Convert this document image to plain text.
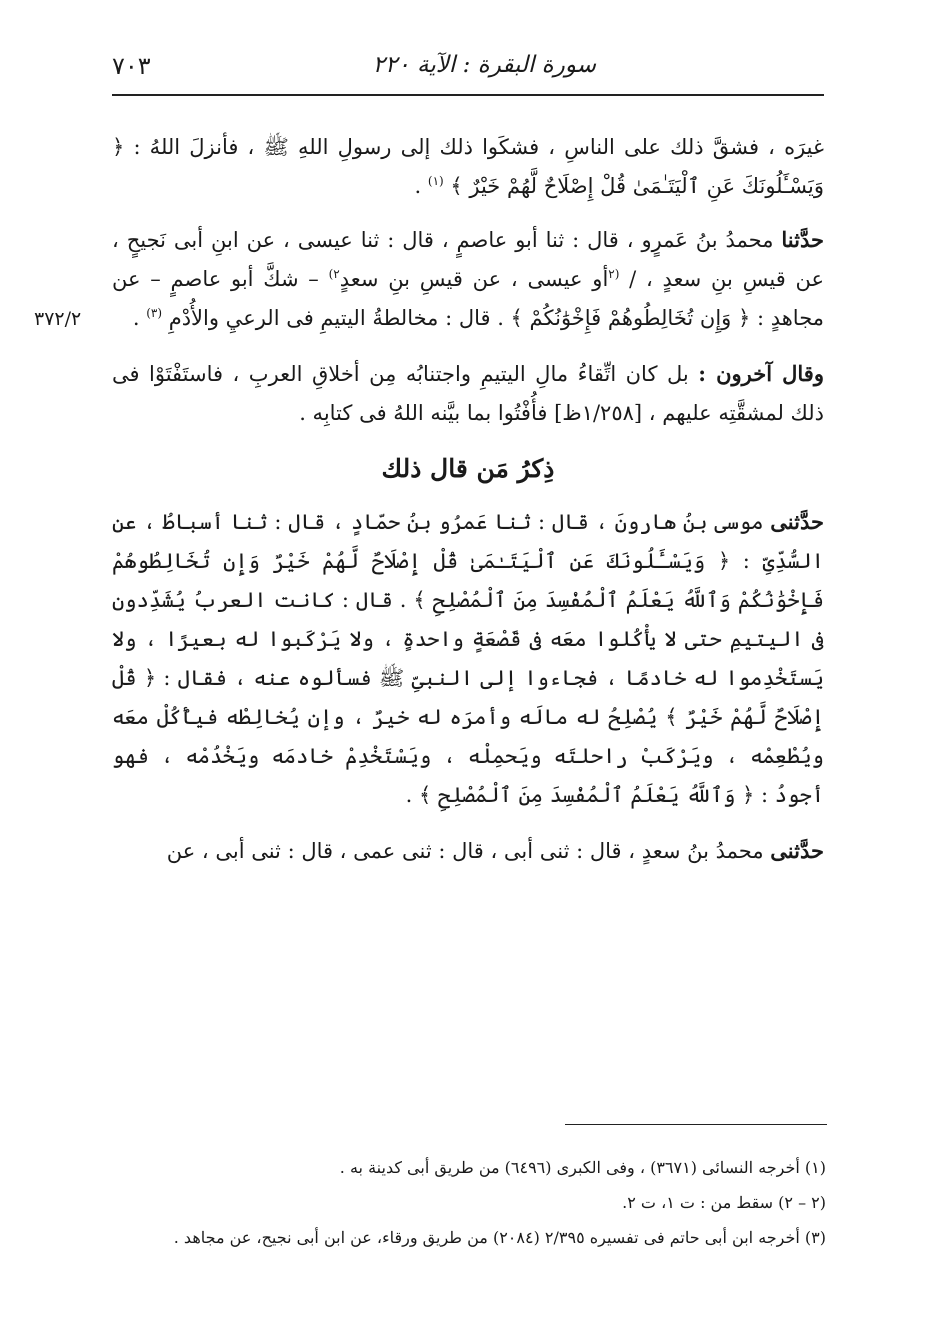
سورة البقرة : الآية ٢٢٠
٧٠٣
٣٧٢/٢

غيرَه ، فشقَّ ذلك على الناسِ ، فشكَوا ذلك إلى رسولِ اللهِ ﷺ ، فأنزلَ اللهُ : ﴿ وَيَسْـَٔلُونَكَ عَنِ ٱلْيَتَـٰمَىٰ قُلْ إِصْلَاحٌ لَّهُمْ خَيْرٌ ﴾ $^{(١)}$ .

حدَّثنا محمدُ بنُ عَمرٍو ، قال : ثنا أبو عاصمٍ ، قال : ثنا عيسى ، عن ابنِ أبى نَجيحٍ ، عن قيسِ بنِ سعدٍ ، / $^{(٢}$أو عيسى ، عن قيسِ بنِ سعدٍ$^{٢)}$ – شكَّ أبو عاصمٍ – عن مجاهدٍ : ﴿ وَإِن تُخَالِطُوهُمْ فَإِخْوَٰنُكُمْ ﴾ . قال : مخالطةُ اليتيمِ فى الرعيِ والأُدْمِ $^{(٣)}$ .

وقال آخرون : بل كان اتِّقاءُ مالِ اليتيمِ واجتنابُه مِن أخلاقِ العربِ ، فاستَفْتَوْا فى ذلك لمشقَّتِه عليهم ، [١/٢٥٨ظ] فأُفْتُوا بما بيَّنه اللهُ فى كتابِه .

ذِكرُ مَن قال ذلك

حدَّثنى موسى بنُ هارونَ ، قال : ثنا عَمرُو بنُ حمّادٍ ، قال : ثنا أسباطُ ، عن السُّدِّىِّ : ﴿ وَيَسْـَٔلُونَكَ عَنِ ٱلْيَتَـٰمَىٰ قُلْ إِصْلَاحٌ لَّهُمْ خَيْرٌ وَإِن تُخَالِطُوهُمْ فَإِخْوَٰنُكُمْ وَٱللَّهُ يَعْلَمُ ٱلْمُفْسِدَ مِنَ ٱلْمُصْلِحِ ﴾ . قال : كانت العربُ يُشَدِّدون فى اليتيمِ حتى لا يأْكُلوا معَه فى قَصْعَةٍ واحدةٍ ، ولا يَرْكَبوا له بعيرًا ، ولا يَستَخْدِموا له خادمًا ، فجاءوا إلى النبىِّ ﷺ فسألوه عنه ، فقال : ﴿ قُلْ إِصْلَاحٌ لَّهُمْ خَيْرٌ ﴾ يُصْلِحُ له مالَه وأمرَه له خيرٌ ، وإن يُخالِطْه فيأْكُلْ معَه ويُطْعِمْه ، ويَرْكَبْ راحلتَه ويَحمِلْه ، ويَسْتَخْدِمْ خادمَه ويَخْدُمْه ، فهو أجودُ : ﴿ وَٱللَّهُ يَعْلَمُ ٱلْمُفْسِدَ مِنَ ٱلْمُصْلِحِ ﴾ .

حدَّثنى محمدُ بنُ سعدٍ ، قال : ثنى أبى ، قال : ثنى عمى ، قال : ثنى أبى ، عن

(١) أخرجه النسائى (٣٦٧١) ، وفى الكبرى (٦٤٩٦) من طريق أبى كدينة به .
(٢ – ٢) سقط من : ت ١، ت ٢.
(٣) أخرجه ابن أبى حاتم فى تفسيره ٢/٣٩٥ (٢٠٨٤) من طريق ورقاء، عن ابن أبى نجيح، عن مجاهد .
